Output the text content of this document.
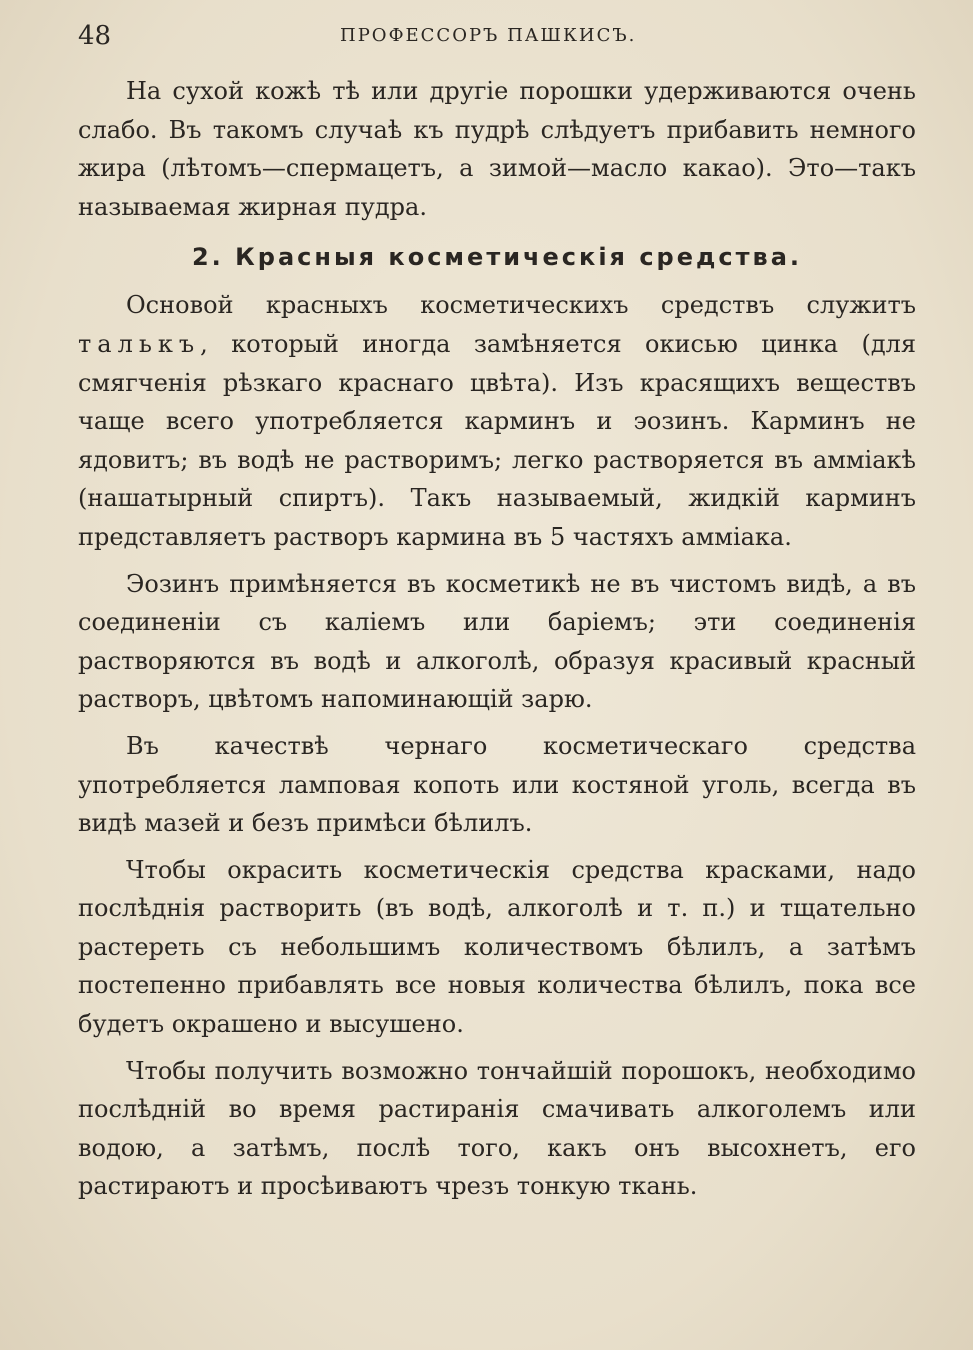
48	ПРОФЕССОРЪ ПАШКИСЪ.

На сухой кожѣ тѣ или другіе порошки удерживаются очень слабо. Въ такомъ случаѣ къ пудрѣ слѣдуетъ прибавить немного жира (лѣтомъ—спермацетъ, а зимой—масло какао). Это—такъ называемая жирная пудра.

2. Красныя косметическія средства.

Основой красныхъ косметическихъ средствъ служитъ талькъ, который иногда замѣняется окисью цинка (для смягченія рѣзкаго краснаго цвѣта). Изъ красящихъ веществъ чаще всего употребляется карминъ и эозинъ. Карминъ не ядовитъ; въ водѣ не растворимъ; легко растворяется въ амміакѣ (нашатырный спиртъ). Такъ называемый, жидкій карминъ представляетъ растворъ кармина въ 5 частяхъ амміака.

Эозинъ примѣняется въ косметикѣ не въ чистомъ видѣ, а въ соединеніи съ каліемъ или баріемъ; эти соединенія растворяются въ водѣ и алкоголѣ, образуя красивый красный растворъ, цвѣтомъ напоминающій зарю.

Въ качествѣ чернаго косметическаго средства употребляется ламповая копоть или костяной уголь, всегда въ видѣ мазей и безъ примѣси бѣлилъ.

Чтобы окрасить косметическія средства красками, надо послѣднія растворить (въ водѣ, алкоголѣ и т. п.) и тщательно растереть съ небольшимъ количествомъ бѣлилъ, а затѣмъ постепенно прибавлять все новыя количества бѣлилъ, пока все будетъ окрашено и высушено.

Чтобы получить возможно тончайшій порошокъ, необходимо послѣдній во время растиранія смачивать алкоголемъ или водою, а затѣмъ, послѣ того, какъ онъ высохнетъ, его растираютъ и просѣиваютъ чрезъ тонкую ткань.
